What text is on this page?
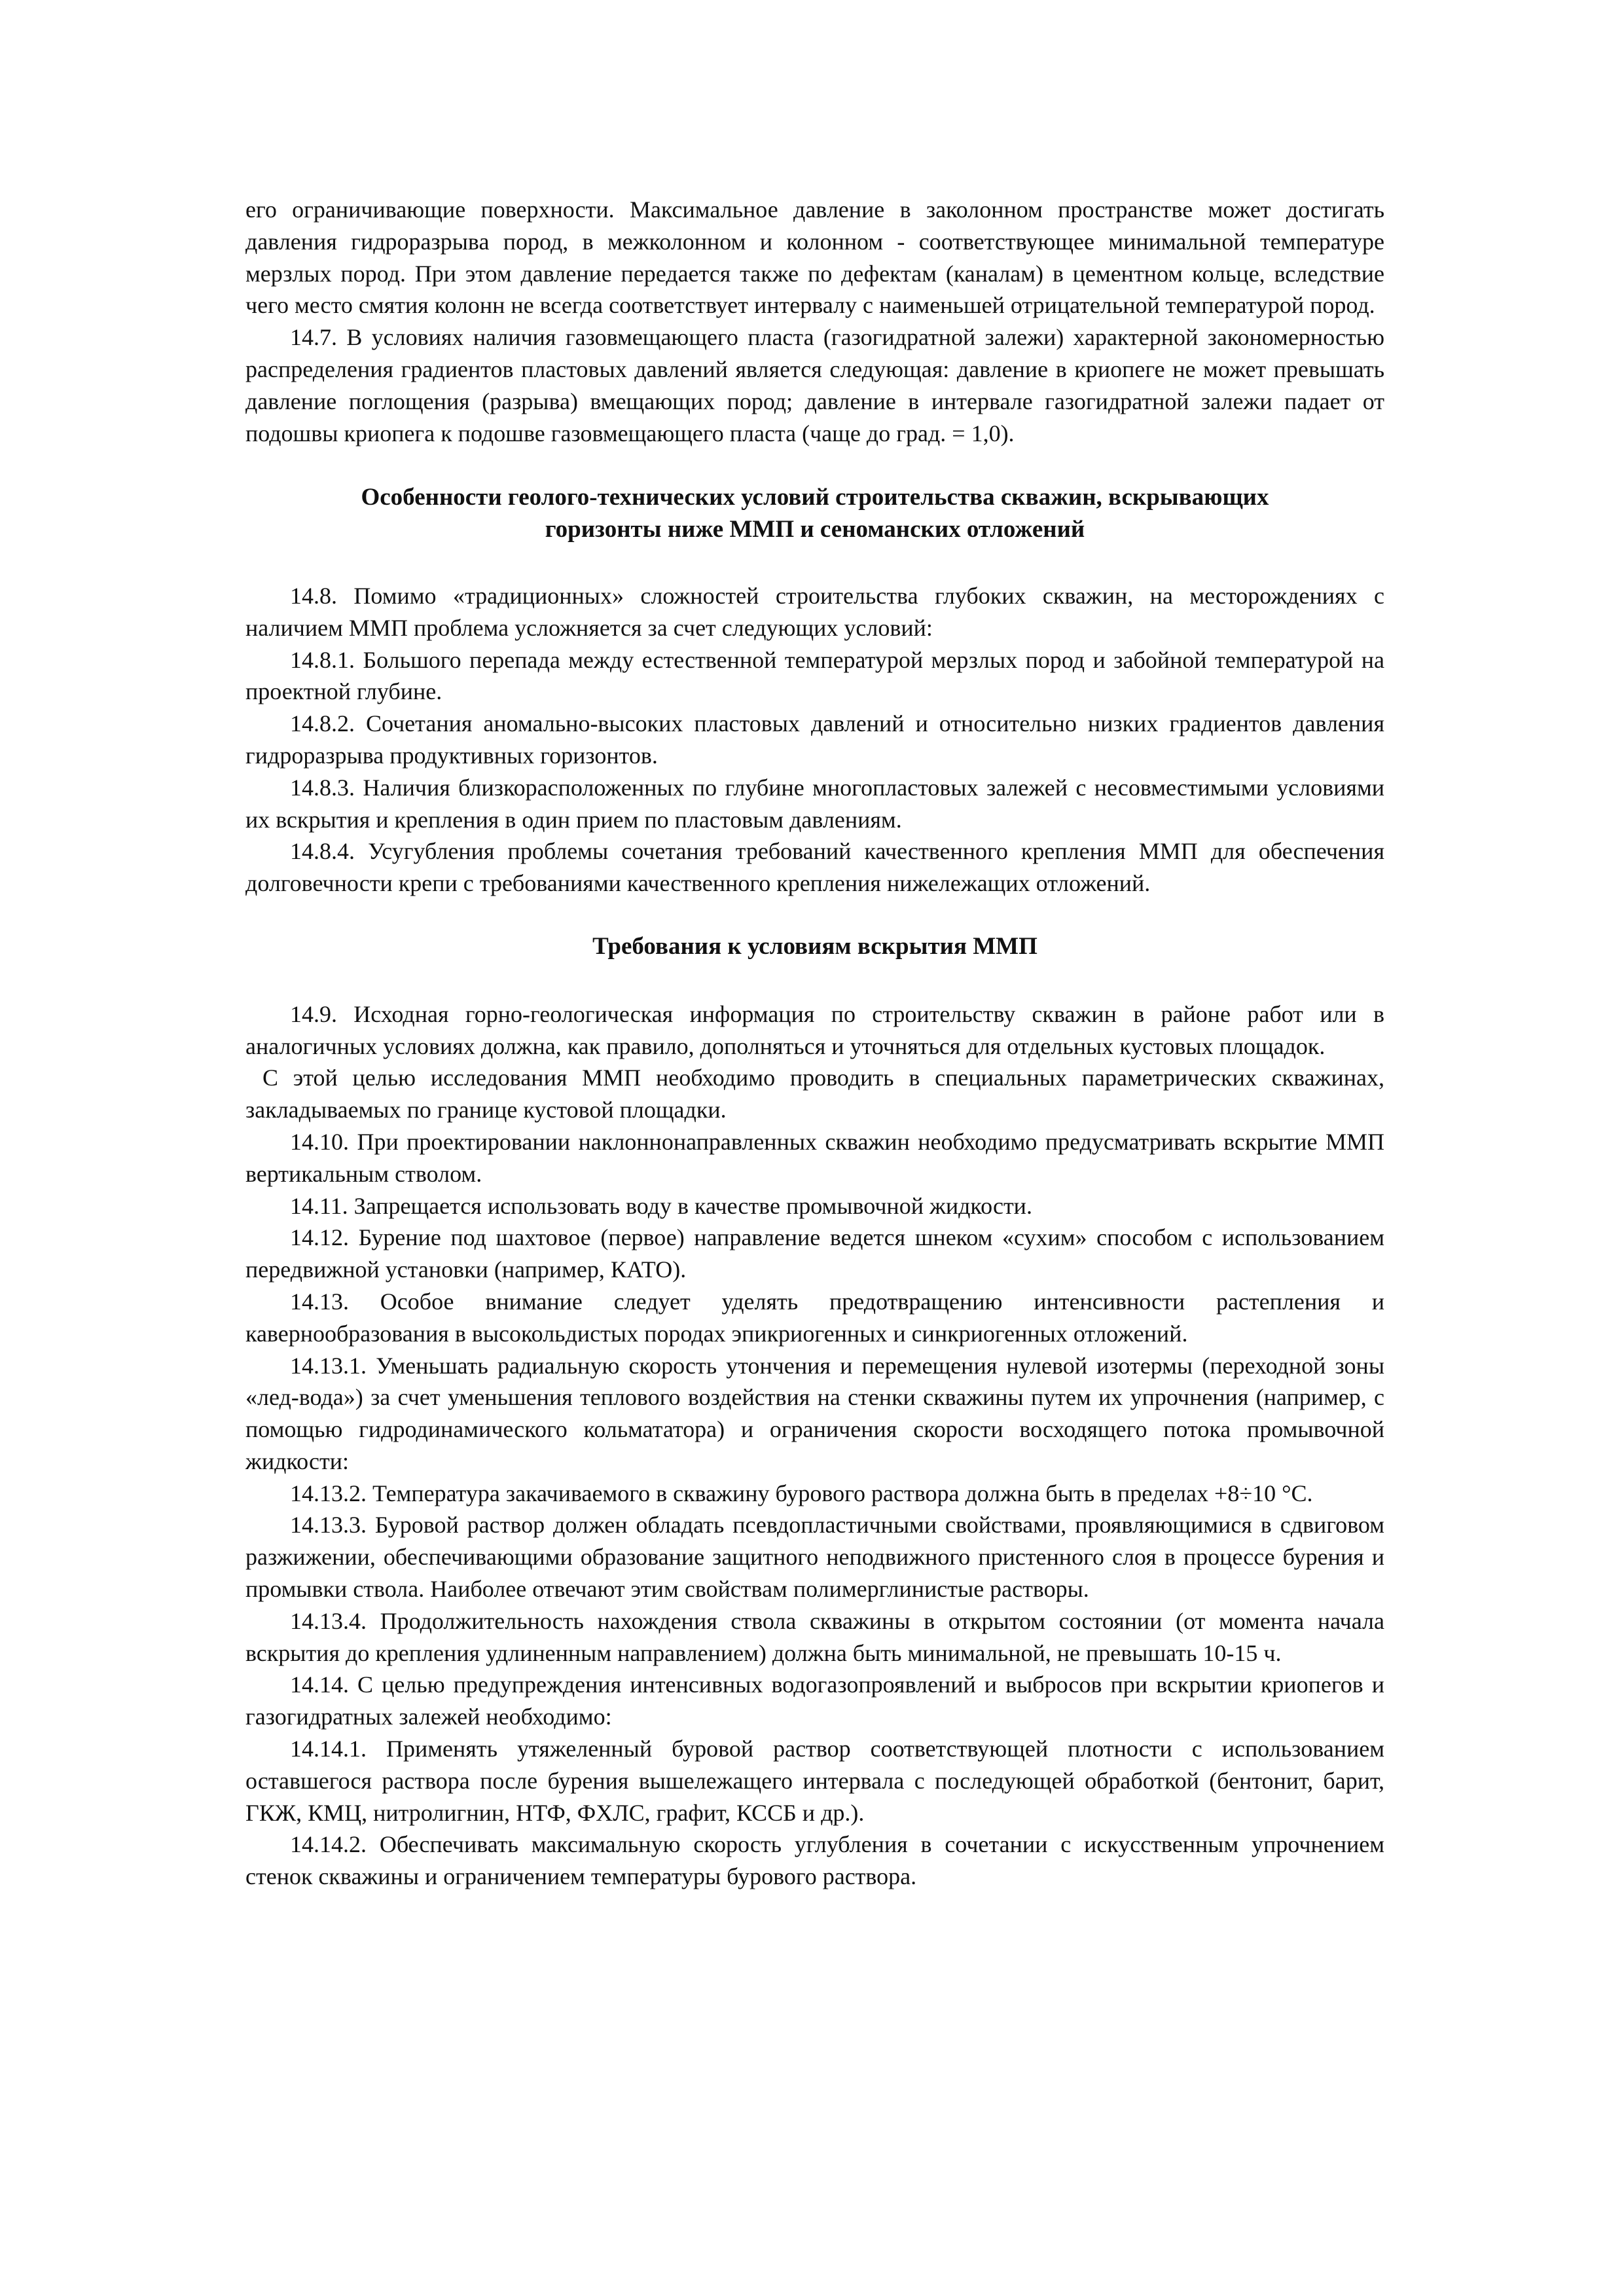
его ограничивающие поверхности. Максимальное давление в заколонном пространстве может достигать давления гидроразрыва пород, в межколонном и колонном - соответствующее минимальной температуре мерзлых пород. При этом давление передается также по дефектам (каналам) в цементном кольце, вследствие чего место смятия колонн не всегда соответствует интервалу с наименьшей отрицательной температурой пород.

14.7. В условиях наличия газовмещающего пласта (газогидратной залежи) характерной закономерностью распределения градиентов пластовых давлений является следующая: давление в криопеге не может превышать давление поглощения (разрыва) вмещающих пород; давление в интервале газогидратной залежи падает от подошвы криопега к подошве газовмещающего пласта (чаще до град. = 1,0).

Особенности геолого-технических условий строительства скважин, вскрывающих

горизонты ниже ММП и сеноманских отложений

14.8. Помимо «традиционных» сложностей строительства глубоких скважин, на месторождениях с наличием ММП проблема усложняется за счет следующих условий:

14.8.1. Большого перепада между естественной температурой мерзлых пород и забойной температурой на проектной глубине.

14.8.2. Сочетания аномально-высоких пластовых давлений и относительно низких градиентов давления гидроразрыва продуктивных горизонтов.

14.8.3. Наличия близкорасположенных по глубине многопластовых залежей с несовместимыми условиями их вскрытия и крепления в один прием по пластовым давлениям.

14.8.4. Усугубления проблемы сочетания требований качественного крепления ММП для обеспечения долговечности крепи с требованиями качественного крепления нижележащих отложений.

Требования к условиям вскрытия ММП

14.9. Исходная горно-геологическая информация по строительству скважин в районе работ или в аналогичных условиях должна, как правило, дополняться и уточняться для отдельных кустовых площадок.

С этой целью исследования ММП необходимо проводить в специальных параметрических скважинах, закладываемых по границе кустовой площадки.

14.10. При проектировании наклоннонаправленных скважин необходимо предусматривать вскрытие ММП вертикальным стволом.

14.11. Запрещается использовать воду в качестве промывочной жидкости.

14.12. Бурение под шахтовое (первое) направление ведется шнеком «сухим» способом с использованием передвижной установки (например, КАТО).

14.13. Особое внимание следует уделять предотвращению интенсивности растепления и кавернообразования в высокольдистых породах эпикриогенных и синкриогенных отложений.

14.13.1. Уменьшать радиальную скорость утончения и перемещения нулевой изотермы (переходной зоны «лед-вода») за счет уменьшения теплового воздействия на стенки скважины путем их упрочнения (например, с помощью гидродинамического кольмататора) и ограничения скорости восходящего потока промывочной жидкости:

14.13.2. Температура закачиваемого в скважину бурового раствора должна быть в пределах +8÷10 °С.

14.13.3. Буровой раствор должен обладать псевдопластичными свойствами, проявляющимися в сдвиговом разжижении, обеспечивающими образование защитного неподвижного пристенного слоя в процессе бурения и промывки ствола. Наиболее отвечают этим свойствам полимерглинистые растворы.

14.13.4. Продолжительность нахождения ствола скважины в открытом состоянии (от момента начала вскрытия до крепления удлиненным направлением) должна быть минимальной, не превышать 10-15 ч.

14.14. С целью предупреждения интенсивных водогазопроявлений и выбросов при вскрытии криопегов и газогидратных залежей необходимо:

14.14.1. Применять утяжеленный буровой раствор соответствующей плотности с использованием оставшегося раствора после бурения вышележащего интервала с последующей обработкой (бентонит, барит, ГКЖ, КМЦ, нитролигнин, НТФ, ФХЛС, графит, КССБ и др.).

14.14.2. Обеспечивать максимальную скорость углубления в сочетании с искусственным упрочнением стенок скважины и ограничением температуры бурового раствора.
